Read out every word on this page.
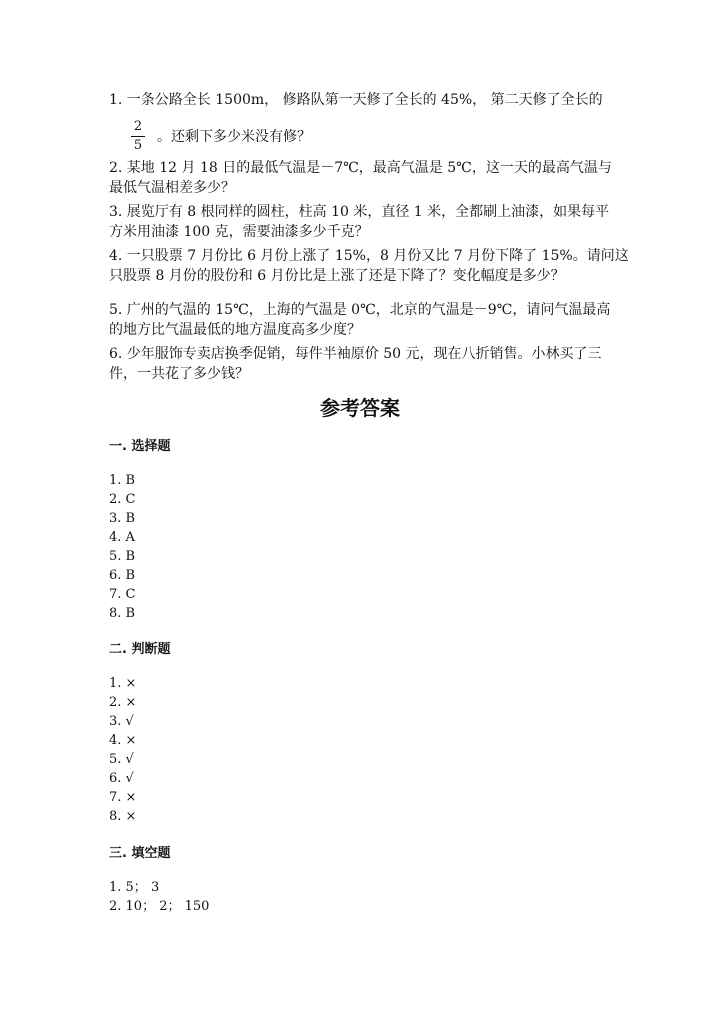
1. 一条公路全长 1500m， 修路队第一天修了全长的 45%， 第二天修了全长的
$\frac{2}{5}$ 。还剩下多少米没有修？
2. 某地 12 月 18 日的最低气温是－7℃，最高气温是 5℃，这一天的最高气温与
最低气温相差多少？
3. 展览厅有 8 根同样的圆柱，柱高 10 米，直径 1 米，全都刷上油漆，如果每平
方米用油漆 100 克，需要油漆多少千克？
4. 一只股票 7 月份比 6 月份上涨了 15%，8 月份又比 7 月份下降了 15%。请问这
只股票 8 月份的股份和 6 月份比是上涨了还是下降了？变化幅度是多少？
5. 广州的气温的 15℃，上海的气温是 0℃，北京的气温是－9℃，请问气温最高
的地方比气温最低的地方温度高多少度？
6. 少年服饰专卖店换季促销，每件半袖原价 50 元，现在八折销售。小林买了三
件，一共花了多少钱？
参考答案
一. 选择题
1. B
2. C
3. B
4. A
5. B
6. B
7. C
8. B
二. 判断题
1. ×
2. ×
3. √
4. ×
5. √
6. √
7. ×
8. ×
三. 填空题
1. 5； 3
2. 10； 2； 150
